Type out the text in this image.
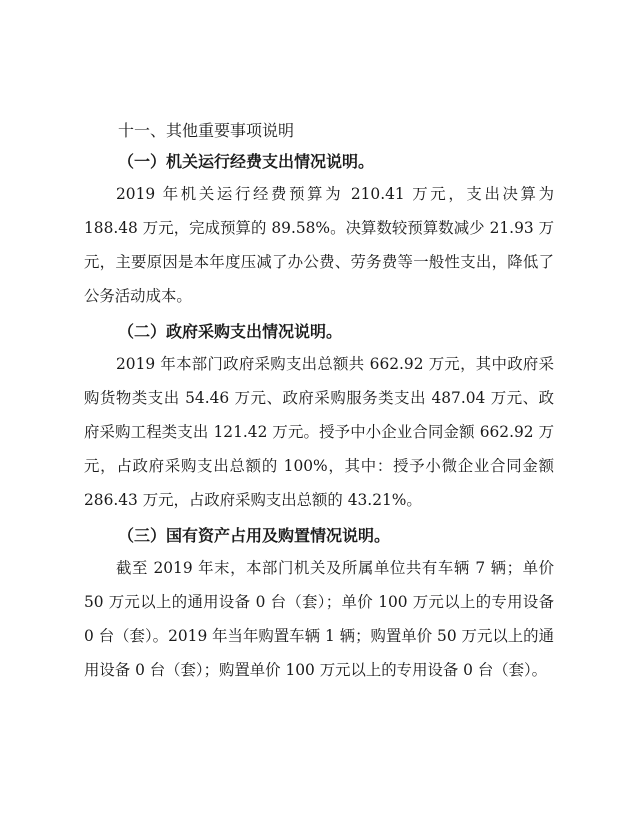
十一、其他重要事项说明
（一）机关运行经费支出情况说明。

2019 年机关运行经费预算为 210.41 万元，支出决算为 188.48 万元，完成预算的 89.58%。决算数较预算数减少 21.93 万元，主要原因是本年度压减了办公费、劳务费等一般性支出，降低了公务活动成本。

（二）政府采购支出情况说明。

2019 年本部门政府采购支出总额共 662.92 万元，其中政府采购货物类支出 54.46 万元、政府采购服务类支出 487.04 万元、政府采购工程类支出 121.42 万元。授予中小企业合同金额 662.92 万元，占政府采购支出总额的 100%，其中：授予小微企业合同金额 286.43 万元，占政府采购支出总额的 43.21%。

（三）国有资产占用及购置情况说明。

截至 2019 年末，本部门机关及所属单位共有车辆 7 辆；单价 50 万元以上的通用设备 0 台（套）；单价 100 万元以上的专用设备 0 台（套）。2019 年当年购置车辆 1 辆；购置单价 50 万元以上的通用设备 0 台（套）；购置单价 100 万元以上的专用设备 0 台（套）。
